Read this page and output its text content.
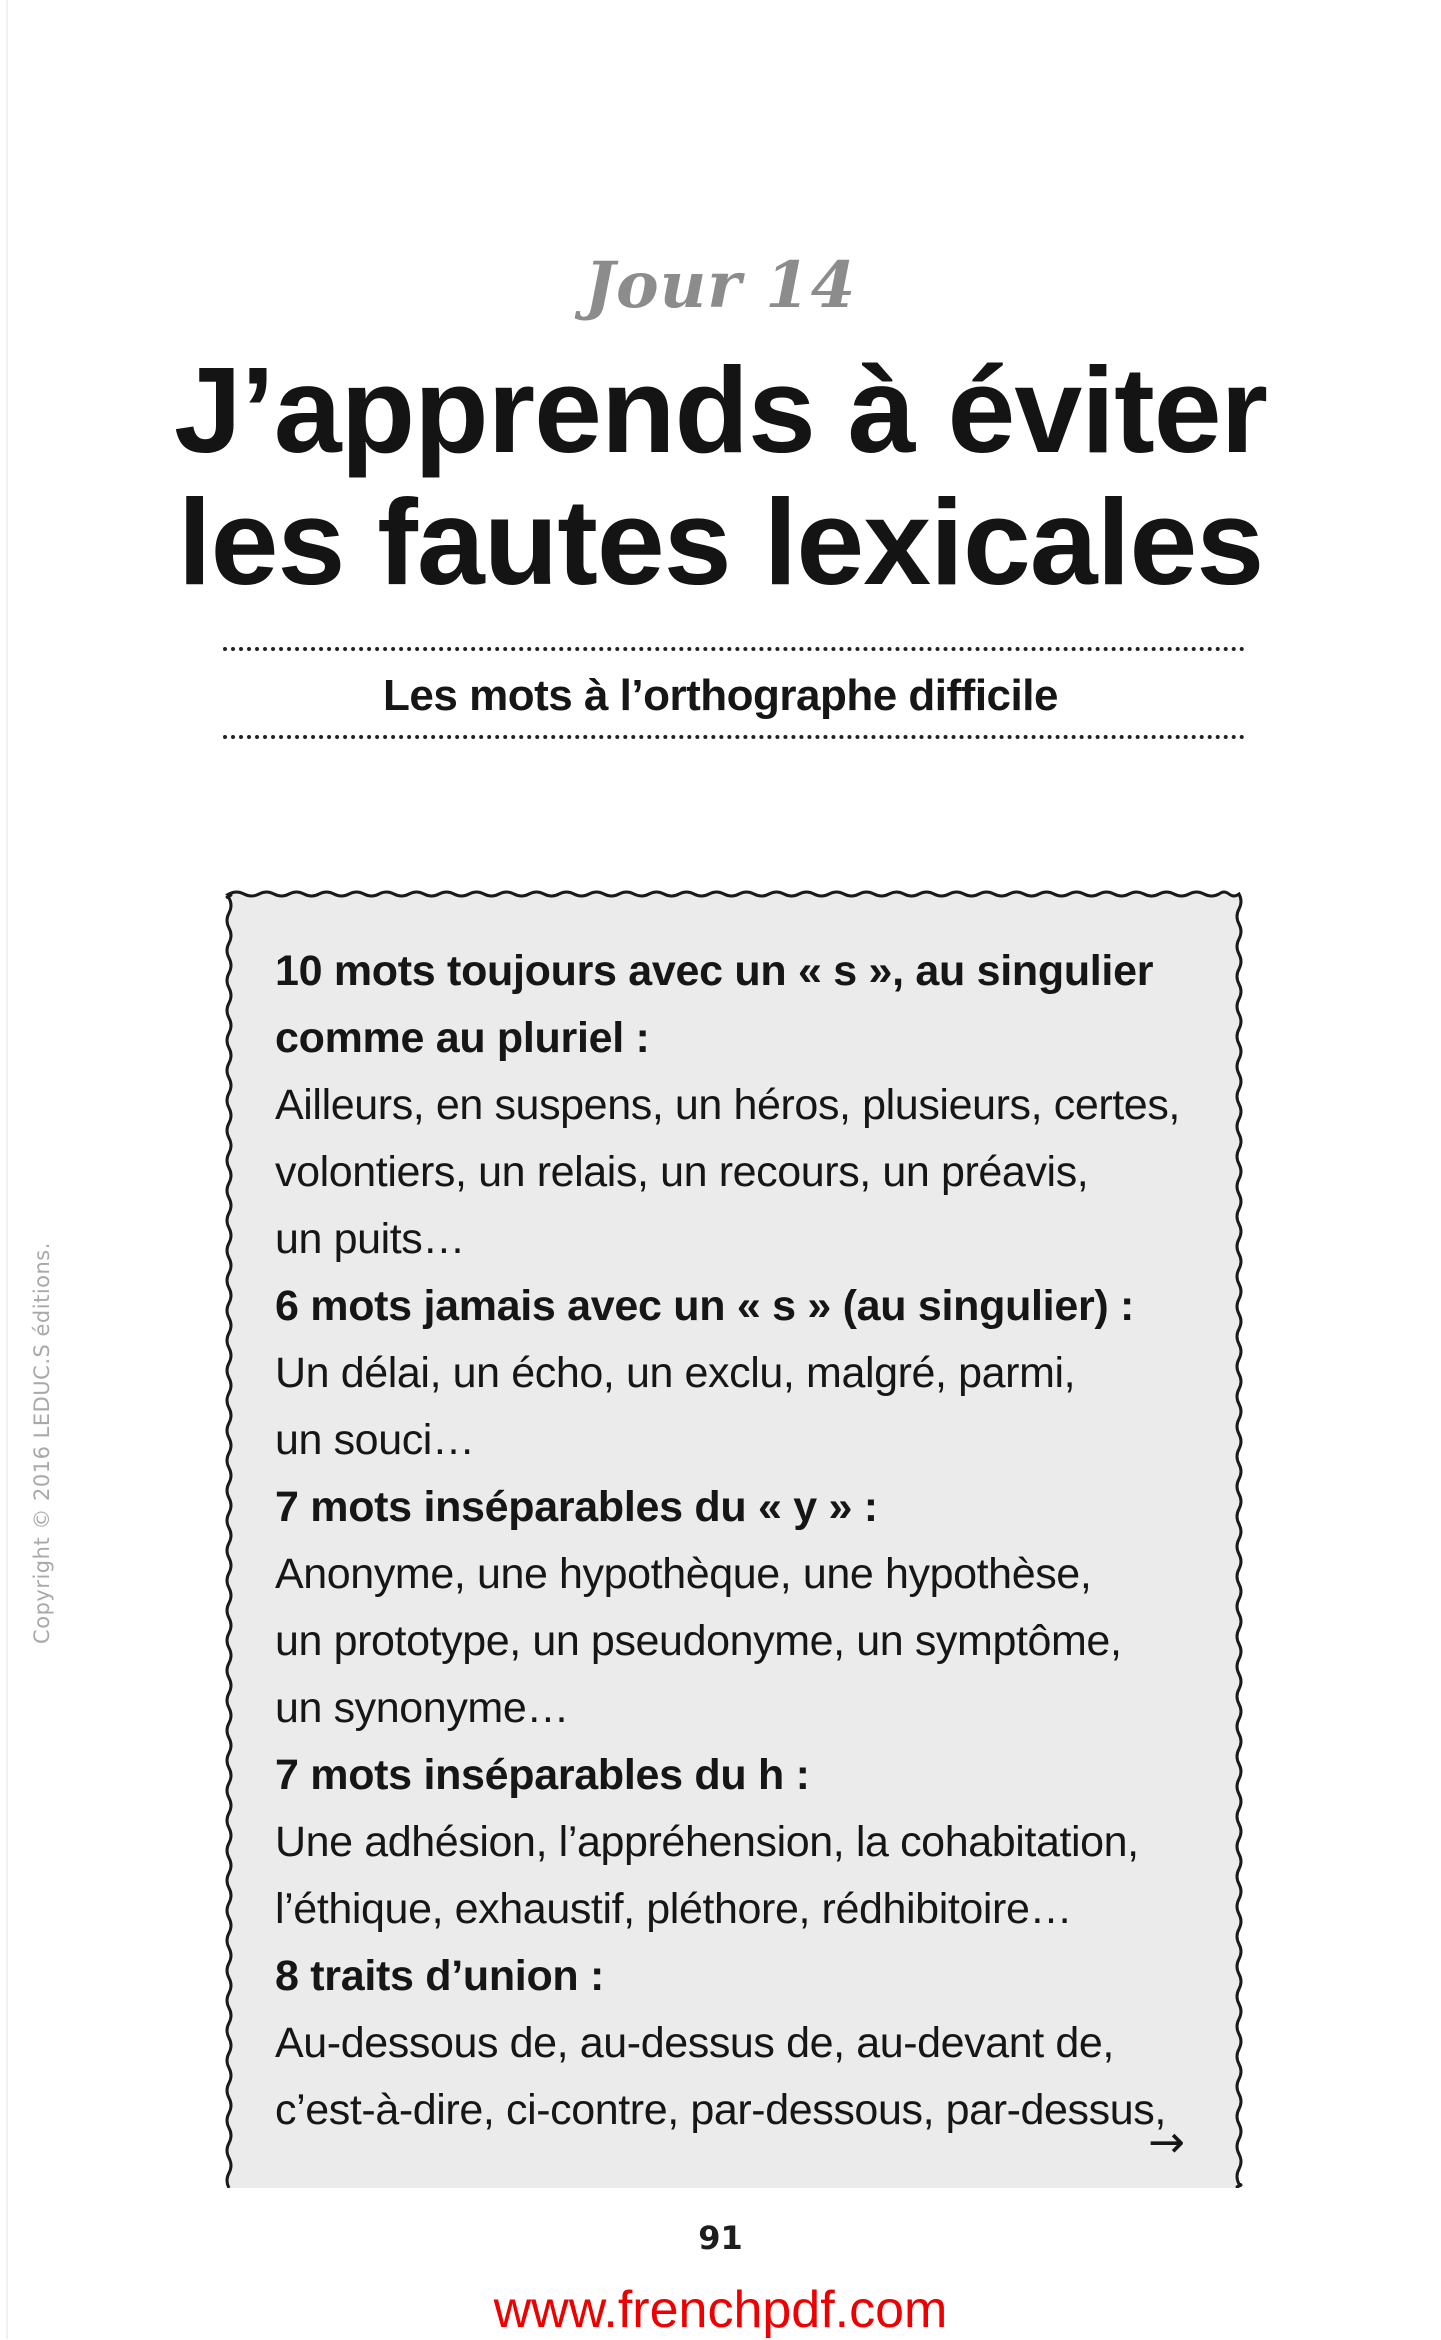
Copyright © 2016 LEDUC.S éditions.
Jour 14
J’apprends à éviter
les fautes lexicales
Les mots à l’orthographe difficile
10 mots toujours avec un « s », au singulier
comme au pluriel :
Ailleurs, en suspens, un héros, plusieurs, certes,
volontiers, un relais, un recours, un préavis,
un puits…
6 mots jamais avec un « s » (au singulier) :
Un délai, un écho, un exclu, malgré, parmi,
un souci…
7 mots inséparables du « y » :
Anonyme, une hypothèque, une hypothèse,
un prototype, un pseudonyme, un symptôme,
un synonyme…
7 mots inséparables du h :
Une adhésion, l’appréhension, la cohabitation,
l’éthique, exhaustif, pléthore, rédhibitoire…
8 traits d’union :
Au-dessous de, au-dessus de, au-devant de,
c’est-à-dire, ci-contre, par-dessous, par-dessus,
→
91
www.frenchpdf.com
